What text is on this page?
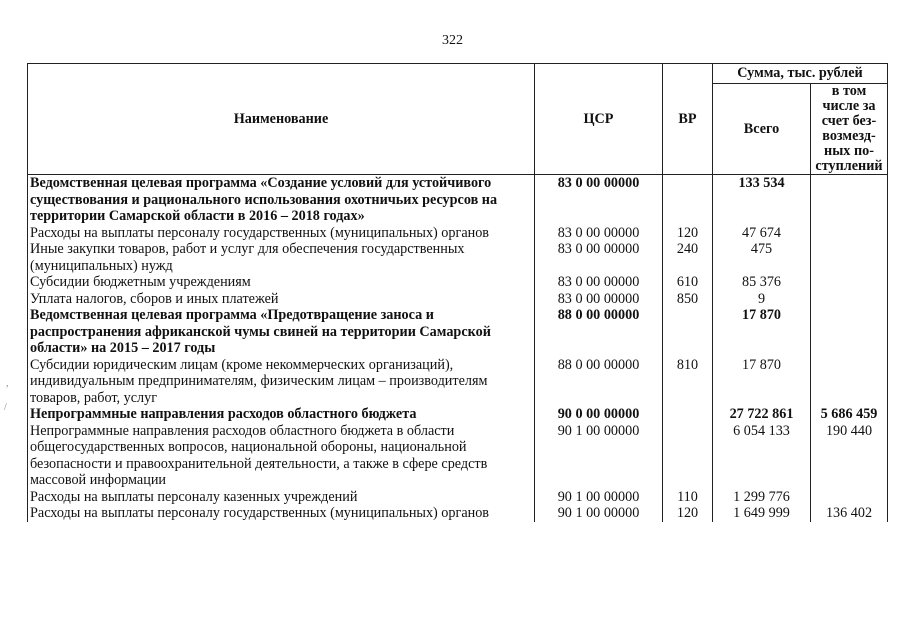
322
Наименование	ЦСР	ВР	Сумма, тыс. рублей	
			Всего	в том числе за счет без-возмезд-ных по-ступлений
Ведомственная целевая программа «Создание условий для устойчивого существования и рационального использования охотничьих ресурсов на территории Самарской области в 2016 – 2018 годах»	83 0 00 00000		133 534	
Расходы на выплаты персоналу государственных (муниципальных) органов	83 0 00 00000	120	47 674	
Иные закупки товаров, работ и услуг для обеспечения государственных (муниципальных) нужд	83 0 00 00000	240	475	
Субсидии бюджетным учреждениям	83 0 00 00000	610	85 376	
Уплата налогов, сборов и иных платежей	83 0 00 00000	850	9	
Ведомственная целевая программа «Предотвращение заноса и распространения африканской чумы свиней на территории Самарской области» на 2015 – 2017 годы	88 0 00 00000		17 870	
Субсидии юридическим лицам (кроме некоммерческих организаций), индивидуальным предпринимателям, физическим лицам – производителям товаров, работ, услуг	88 0 00 00000	810	17 870	
Непрограммные направления расходов областного бюджета	90 0 00 00000		27 722 861	5 686 459
Непрограммные направления расходов областного бюджета в области общегосударственных вопросов, национальной обороны, национальной безопасности и правоохранительной деятельности, а также в сфере средств массовой информации	90 1 00 00000		6 054 133	190 440
Расходы на выплаты персоналу казенных учреждений	90 1 00 00000	110	1 299 776	
Расходы на выплаты персоналу государственных (муниципальных) органов	90 1 00 00000	120	1 649 999	136 402
,
/
